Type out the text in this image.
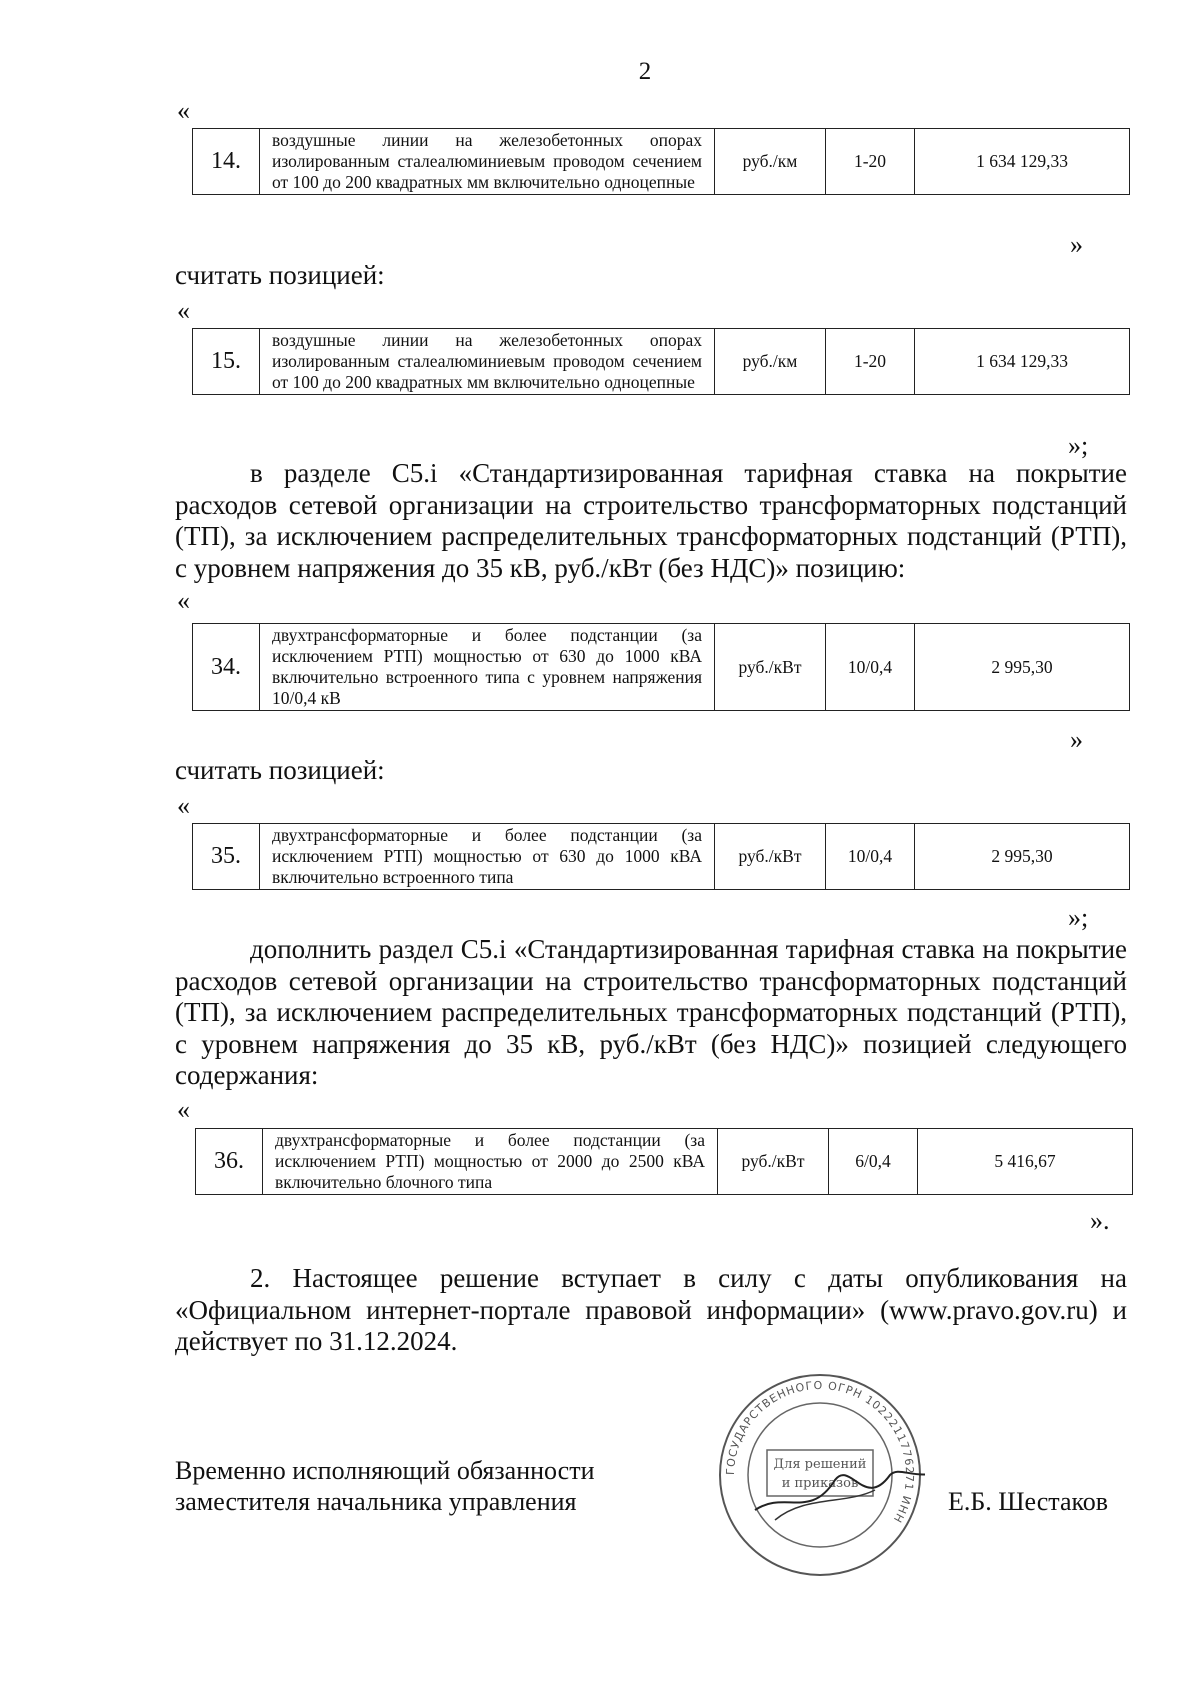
2
«
14.	воздушные линии на железобетонных опорах изолированным сталеалюминиевым проводом сечением от 100 до 200 квадратных мм включительно одноцепные	руб./км	1-20	1 634 129,33
»
считать позицией:
«
15.	воздушные линии на железобетонных опорах изолированным сталеалюминиевым проводом сечением от 100 до 200 квадратных мм включительно одноцепные	руб./км	1-20	1 634 129,33
»;
в разделе С5.i «Стандартизированная тарифная ставка на покрытие расходов сетевой организации на строительство трансформаторных подстанций (ТП), за исключением распределительных трансформаторных подстанций (РТП), с уровнем напряжения до 35 кВ, руб./кВт (без НДС)» позицию:
«
34.	двухтрансформаторные и более подстанции (за исключением РТП) мощностью от 630 до 1000 кВА включительно встроенного типа с уровнем напряжения 10/0,4 кВ	руб./кВт	10/0,4	2 995,30
»
считать позицией:
«
35.	двухтрансформаторные и более подстанции (за исключением РТП) мощностью от 630 до 1000 кВА включительно встроенного типа	руб./кВт	10/0,4	2 995,30
»;
дополнить раздел С5.i «Стандартизированная тарифная ставка на покрытие расходов сетевой организации на строительство трансформаторных подстанций (ТП), за исключением распределительных трансформаторных подстанций (РТП), с уровнем напряжения до 35 кВ, руб./кВт (без НДС)» позицией следующего содержания:
«
36.	двухтрансформаторные и более подстанции (за исключением РТП) мощностью от 2000 до 2500 кВА включительно блочного типа	руб./кВт	6/0,4	5 416,67
».
2. Настоящее решение вступает в силу с даты опубликования на «Официальном интернет-портале правовой информации» (www.pravo.gov.ru) и действует по 31.12.2024.
Временно исполняющий обязанности
заместителя начальника управления	Е.Б. Шестаков
ГОСУДАРСТВЕННОГО ОГРН 1022211776271 ИНН
Для решений
и приказов
